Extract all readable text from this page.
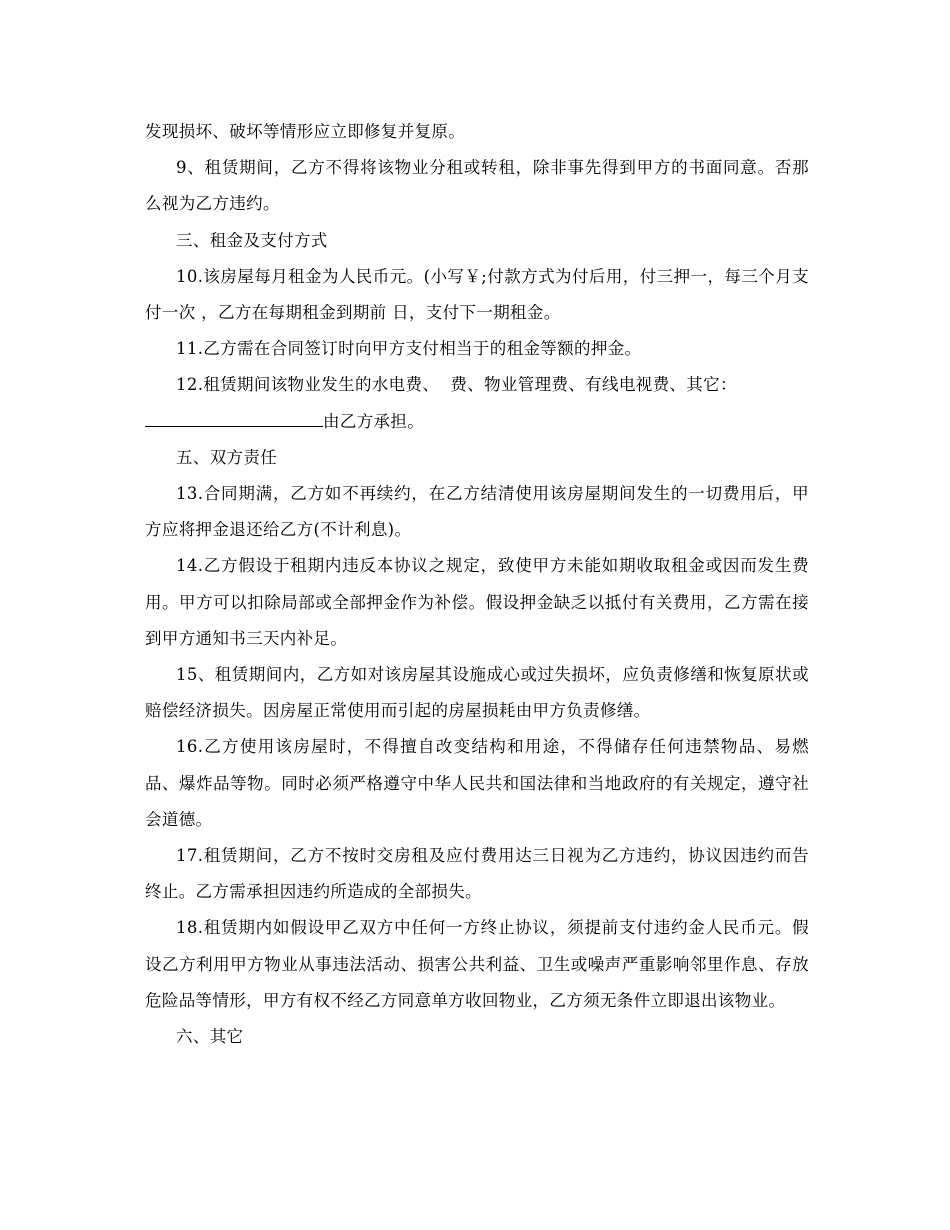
发现损坏、破坏等情形应立即修复并复原。

9、租赁期间，乙方不得将该物业分租或转租，除非事先得到甲方的书面同意。否那么视为乙方违约。

三、租金及支付方式

10.该房屋每月租金为人民币元。(小写￥;付款方式为付后用，付三押一，每三个月支付一次 ，乙方在每期租金到期前 日，支付下一期租金。

11.乙方需在合同签订时向甲方支付相当于的租金等额的押金。

12.租赁期间该物业发生的水电费、  费、物业管理费、有线电视费、其它：

由乙方承担。

五、双方责任

13.合同期满，乙方如不再续约，在乙方结清使用该房屋期间发生的一切费用后，甲方应将押金退还给乙方(不计利息)。

14.乙方假设于租期内违反本协议之规定，致使甲方未能如期收取租金或因而发生费用。甲方可以扣除局部或全部押金作为补偿。假设押金缺乏以抵付有关费用，乙方需在接到甲方通知书三天内补足。

15、租赁期间内，乙方如对该房屋其设施成心或过失损坏，应负责修缮和恢复原状或赔偿经济损失。因房屋正常使用而引起的房屋损耗由甲方负责修缮。

16.乙方使用该房屋时，不得擅自改变结构和用途，不得储存任何违禁物品、易燃品、爆炸品等物。同时必须严格遵守中华人民共和国法律和当地政府的有关规定，遵守社会道德。

17.租赁期间，乙方不按时交房租及应付费用达三日视为乙方违约，协议因违约而告终止。乙方需承担因违约所造成的全部损失。

18.租赁期内如假设甲乙双方中任何一方终止协议，须提前支付违约金人民币元。假设乙方利用甲方物业从事违法活动、损害公共利益、卫生或噪声严重影响邻里作息、存放危险品等情形，甲方有权不经乙方同意单方收回物业，乙方须无条件立即退出该物业。

六、其它
